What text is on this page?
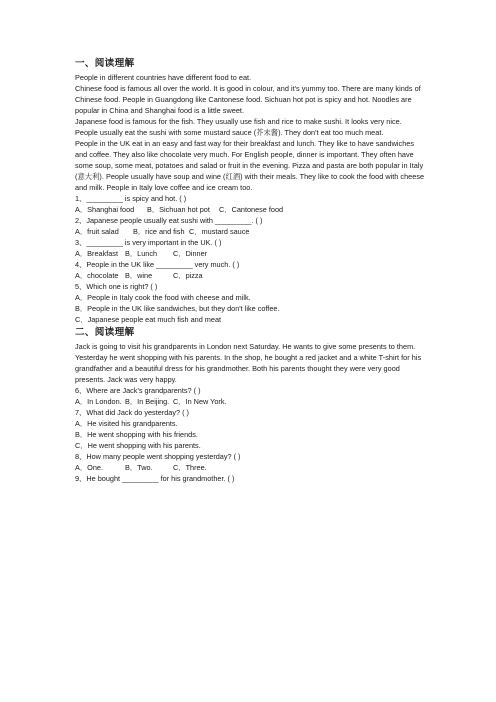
一、阅读理解

People in different countries have different food to eat.

Chinese food is famous all over the world. It is good in colour, and it's yummy too. There are many kinds of Chinese food. People in Guangdong like Cantonese food. Sichuan hot pot is spicy and hot. Noodles are popular in China and Shanghai food is a little sweet.

Japanese food is famous for the fish. They usually use fish and rice to make sushi. It looks very nice. People usually eat the sushi with some mustard sauce (芥末酱). They don't eat too much meat.

People in the UK eat in an easy and fast way for their breakfast and lunch. They like to have sandwiches and coffee. They also like chocolate very much. For English people, dinner is important. They often have some soup, some meat, potatoes and salad or fruit in the evening. Pizza and pasta are both popular in Italy (意大利). People usually have soup and wine (红酒) with their meals. They like to cook the food with cheese and milk. People in Italy love coffee and ice cream too.

1、_________ is spicy and hot. ( )

A．Shanghai food B．Sichuan hot pot C．Cantonese food

2、Japanese people usually eat sushi with _________. ( )

A．fruit salad B．rice and fish C．mustard sauce

3、_________ is very important in the UK. ( )

A．Breakfast B．Lunch C．Dinner

4、People in the UK like _________ very much. ( )

A．chocolate B．wine	C．pizza

5、Which one is right? ( )

A．People in Italy cook the food with cheese and milk.

B．People in the UK like sandwiches, but they don't like coffee.

C．Japanese people eat much fish and meat

二、阅读理解

Jack is going to visit his grandparents in London next Saturday. He wants to give some presents to them. Yesterday he went shopping with his parents. In the shop, he bought a red jacket and a white T-shirt for his grandfather and a beautiful dress for his grandmother. Both his parents thought they were very good presents. Jack was very happy.

6、Where are Jack's grandparents? ( )

A．In London. B．In Beijing. C．In New York.

7、What did Jack do yesterday? ( )

A．He visited his grandparents.

B．He went shopping with his friends.

C．He went shopping with his parents.

8、How many people went shopping yesterday? ( )

A．One.	B．Two.	C．Three.

9、He bought _________ for his grandmother. ( )
